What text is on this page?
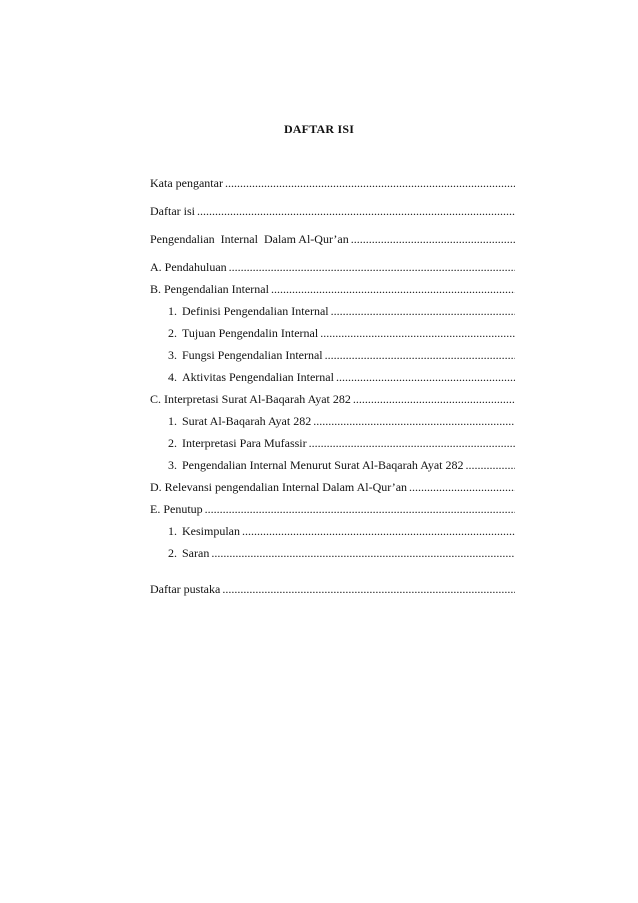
DAFTAR ISI
Kata pengantar
.....
Daftar isi
.....
Pengendalian  Internal  Dalam Al-Qur’an
.....
A. Pendahuluan
.....
B. Pengendalian Internal
.....
1. Definisi Pengendalian Internal
.....
2. Tujuan Pengendalin Internal
.....
3. Fungsi Pengendalian Internal
.....
4. Aktivitas Pengendalian Internal
.....
C. Interpretasi Surat Al-Baqarah Ayat 282
.....
1. Surat Al-Baqarah Ayat 282
.....
2. Interpretasi Para Mufassir
.....
3. Pengendalian Internal Menurut Surat Al-Baqarah Ayat 282
.....
D. Relevansi pengendalian Internal Dalam Al-Qur’an
.....
E. Penutup
.....
1. Kesimpulan
.....
2. Saran
.....
Daftar pustaka
.....
